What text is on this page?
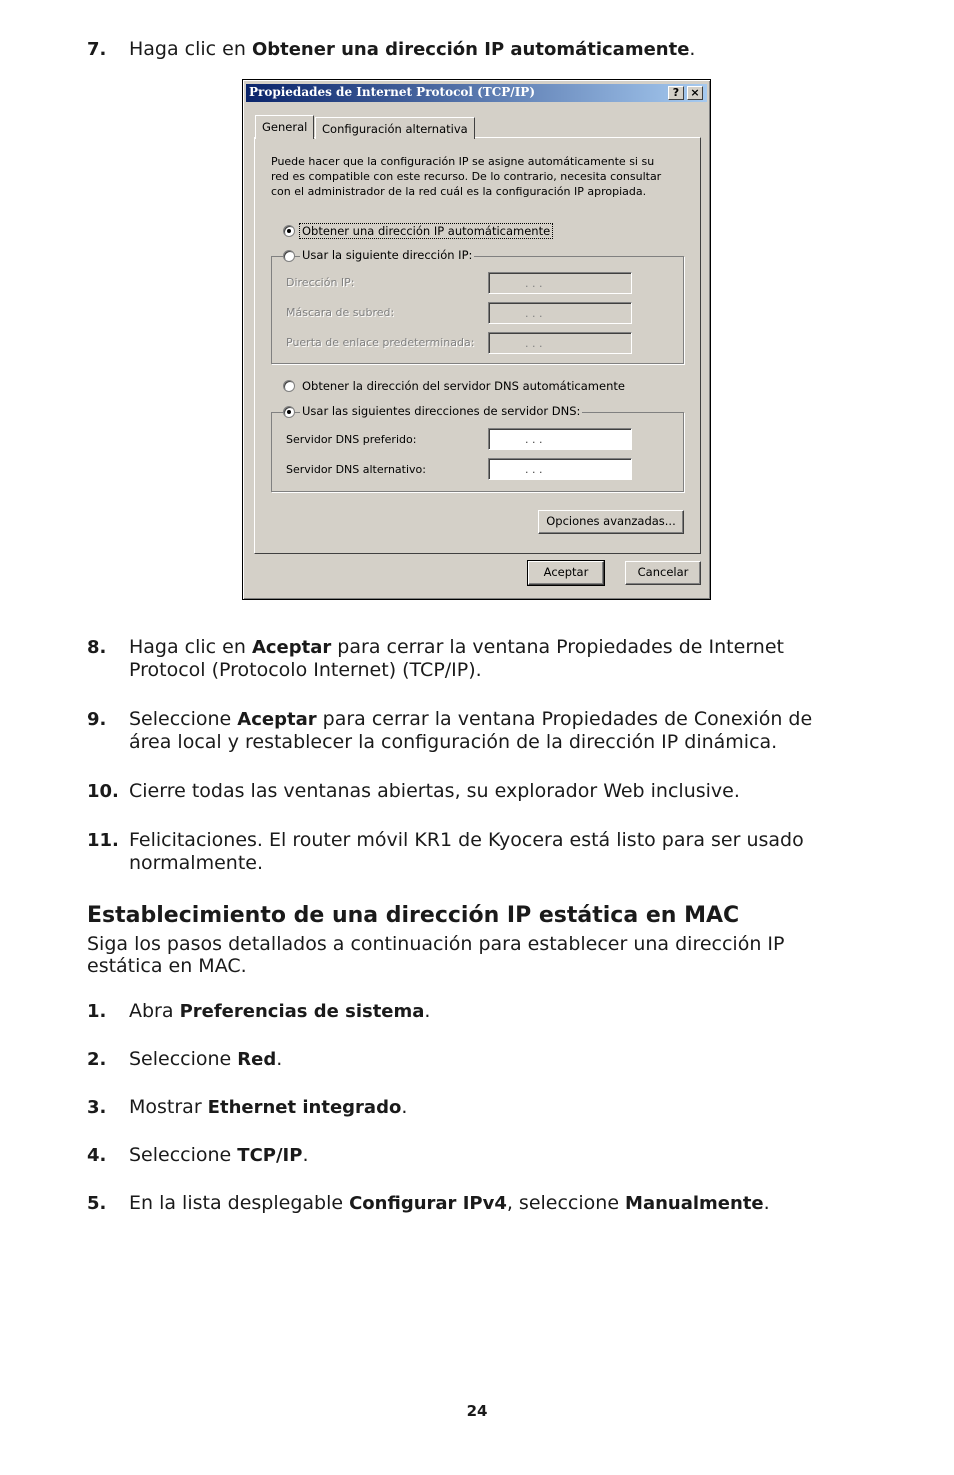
7. Haga clic en Obtener una dirección IP automáticamente.
Propiedades de Internet Protocol (TCP/IP)	?	×
General	Configuración alternativa
Puede hacer que la configuración IP se asigne automáticamente si su red es compatible con este recurso. De lo contrario, necesita consultar con el administrador de la red cuál es la configuración IP apropiada.
Obtener una dirección IP automáticamente
Usar la siguiente dirección IP:
Dirección IP:	. . .
Máscara de subred:	. . .
Puerta de enlace predeterminada:	. . .
Obtener la dirección del servidor DNS automáticamente
Usar las siguientes direcciones de servidor DNS:
Servidor DNS preferido:	. . .
Servidor DNS alternativo:	. . .
Opciones avanzadas...
Aceptar	Cancelar
8. Haga clic en Aceptar para cerrar la ventana Propiedades de Internet Protocol (Protocolo Internet) (TCP/IP).
9. Seleccione Aceptar para cerrar la ventana Propiedades de Conexión de área local y restablecer la configuración de la dirección IP dinámica.
10. Cierre todas las ventanas abiertas, su explorador Web inclusive.
11. Felicitaciones. El router móvil KR1 de Kyocera está listo para ser usado normalmente.
Establecimiento de una dirección IP estática en MAC
Siga los pasos detallados a continuación para establecer una dirección IP estática en MAC.
1. Abra Preferencias de sistema.
2. Seleccione Red.
3. Mostrar Ethernet integrado.
4. Seleccione TCP/IP.
5. En la lista desplegable Configurar IPv4, seleccione Manualmente.
24
